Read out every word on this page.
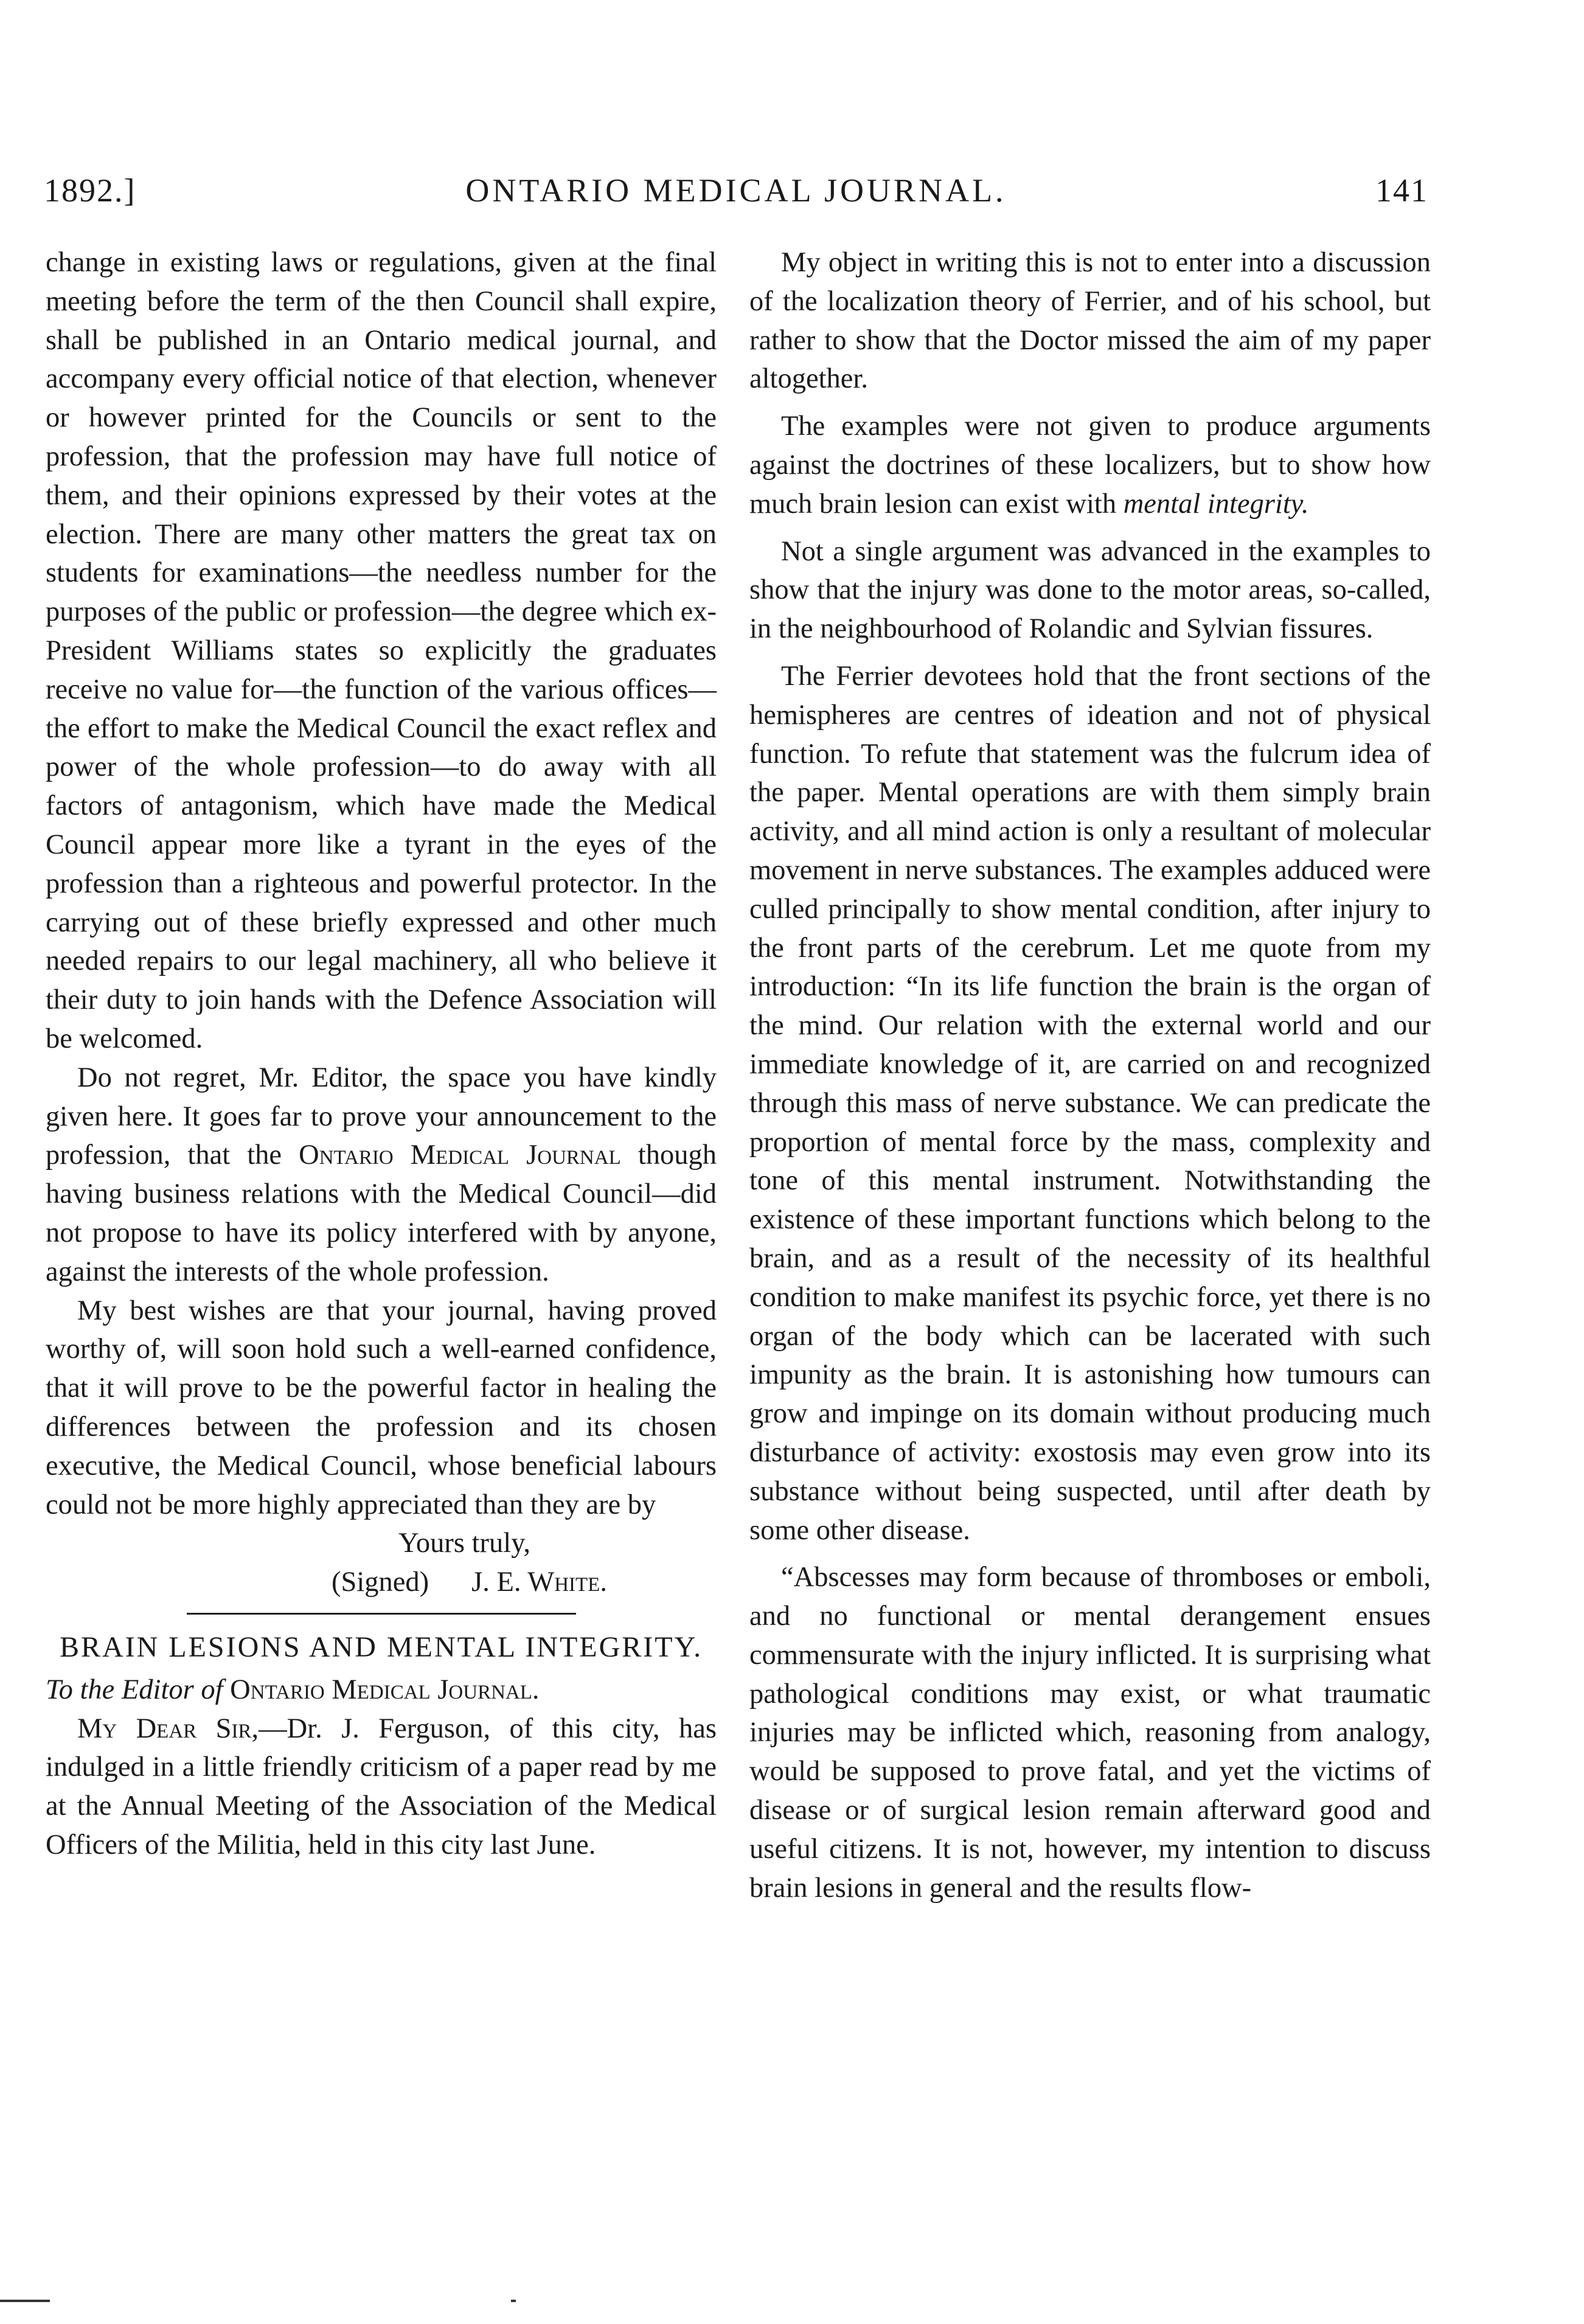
1892.]	ONTARIO MEDICAL JOURNAL.	141

change in existing laws or regulations, given at the final meeting before the term of the then Council shall expire, shall be published in an Ontario medical journal, and accompany every official notice of that election, whenever or however printed for the Councils or sent to the profession, that the profession may have full notice of them, and their opinions expressed by their votes at the election. There are many other matters the great tax on students for examinations—the needless number for the purposes of the public or profession—the degree which ex-President Williams states so explicitly the graduates receive no value for—the function of the various offices—the effort to make the Medical Council the exact reflex and power of the whole profession—to do away with all factors of antagonism, which have made the Medical Council appear more like a tyrant in the eyes of the profession than a righteous and powerful protector. In the carrying out of these briefly expressed and other much needed repairs to our legal machinery, all who believe it their duty to join hands with the Defence Association will be welcomed.

Do not regret, Mr. Editor, the space you have kindly given here. It goes far to prove your announcement to the profession, that the Ontario Medical Journal though having business relations with the Medical Council—did not propose to have its policy interfered with by anyone, against the interests of the whole profession.

My best wishes are that your journal, having proved worthy of, will soon hold such a well-earned confidence, that it will prove to be the powerful factor in healing the differences between the profession and its chosen executive, the Medical Council, whose beneficial labours could not be more highly appreciated than they are by

Yours truly,
(Signed) J. E. White.
BRAIN LESIONS AND MENTAL INTEGRITY.

To the Editor of Ontario Medical Journal.

My Dear Sir,—Dr. J. Ferguson, of this city, has indulged in a little friendly criticism of a paper read by me at the Annual Meeting of the Association of the Medical Officers of the Militia, held in this city last June.

My object in writing this is not to enter into a discussion of the localization theory of Ferrier, and of his school, but rather to show that the Doctor missed the aim of my paper altogether.

The examples were not given to produce arguments against the doctrines of these localizers, but to show how much brain lesion can exist with mental integrity.

Not a single argument was advanced in the examples to show that the injury was done to the motor areas, so-called, in the neighbourhood of Rolandic and Sylvian fissures.

The Ferrier devotees hold that the front sections of the hemispheres are centres of ideation and not of physical function. To refute that statement was the fulcrum idea of the paper. Mental operations are with them simply brain activity, and all mind action is only a resultant of molecular movement in nerve substances. The examples adduced were culled principally to show mental condition, after injury to the front parts of the cerebrum. Let me quote from my introduction: “In its life function the brain is the organ of the mind. Our relation with the external world and our immediate knowledge of it, are carried on and recognized through this mass of nerve substance. We can predicate the proportion of mental force by the mass, complexity and tone of this mental instrument. Notwithstanding the existence of these important functions which belong to the brain, and as a result of the necessity of its healthful condition to make manifest its psychic force, yet there is no organ of the body which can be lacerated with such impunity as the brain. It is astonishing how tumours can grow and impinge on its domain without producing much disturbance of activity: exostosis may even grow into its substance without being suspected, until after death by some other disease.

“Abscesses may form because of thromboses or emboli, and no functional or mental derangement ensues commensurate with the injury inflicted. It is surprising what pathological conditions may exist, or what traumatic injuries may be inflicted which, reasoning from analogy, would be supposed to prove fatal, and yet the victims of disease or of surgical lesion remain afterward good and useful citizens. It is not, however, my intention to discuss brain lesions in general and the results flow-
